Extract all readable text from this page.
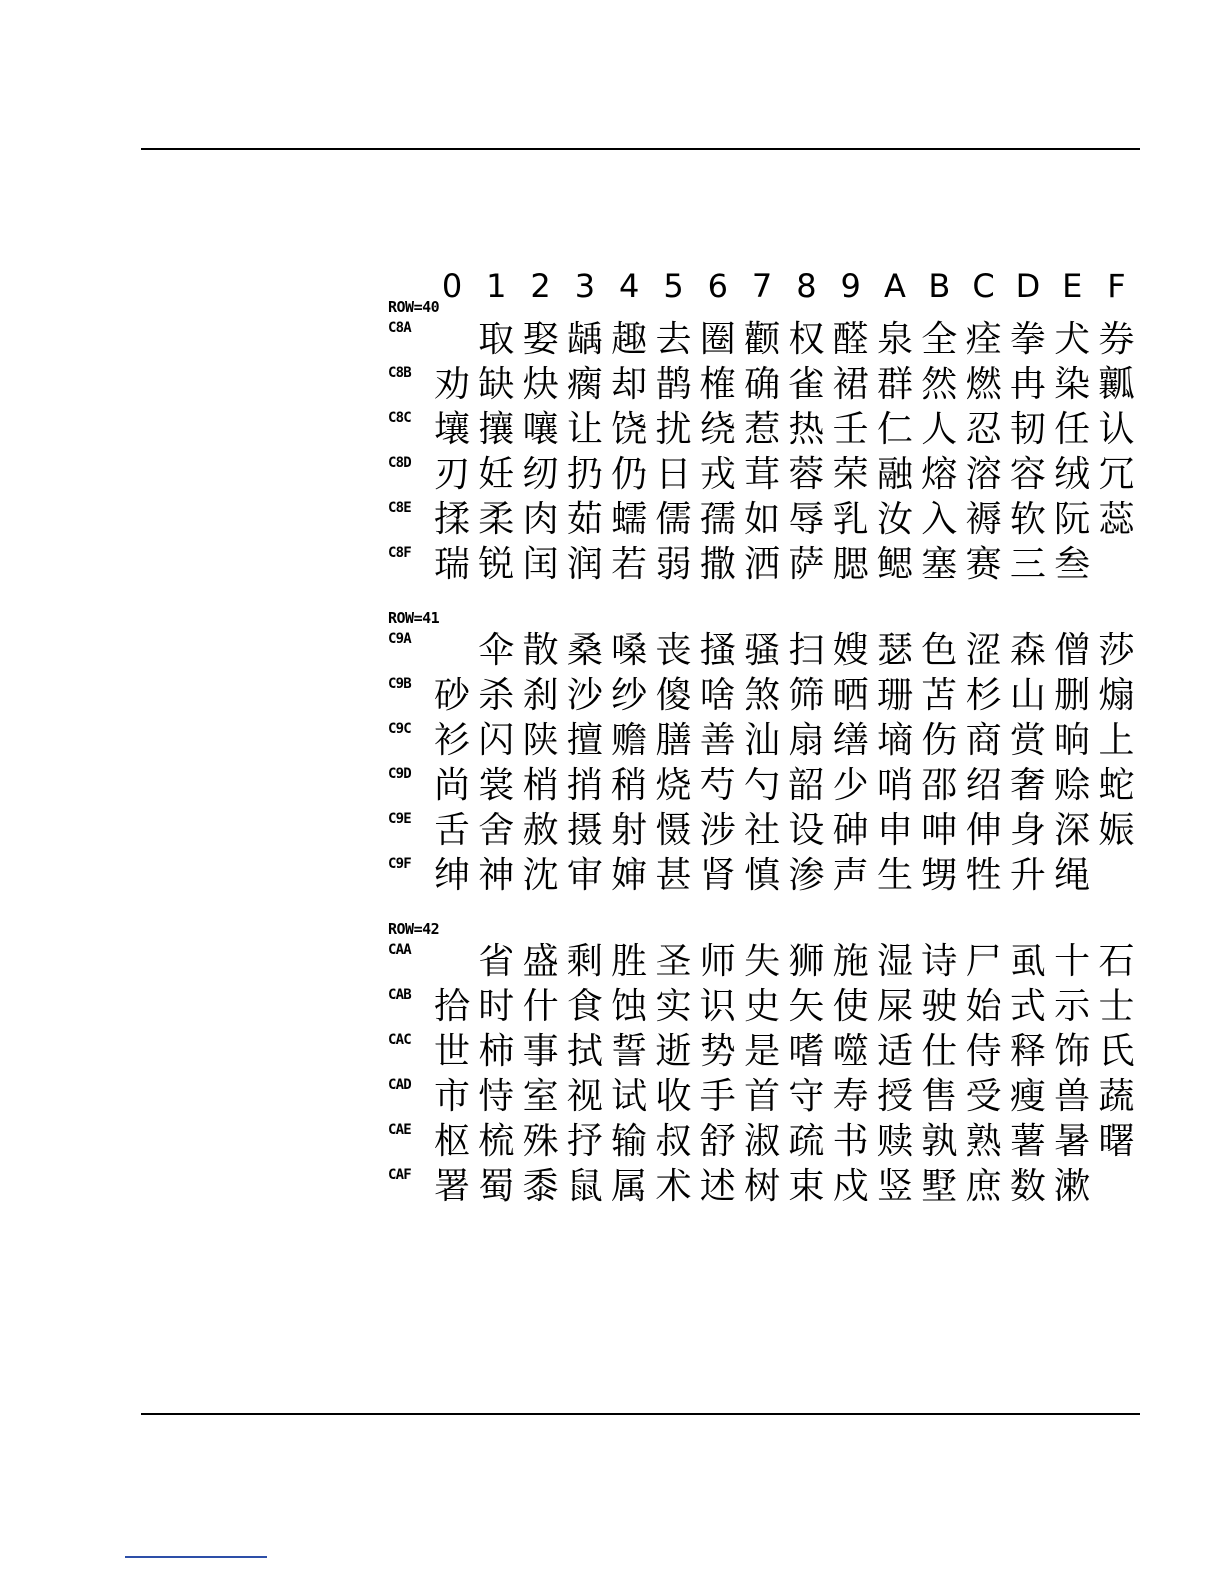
0 1 2 3 4 5 6 7 8 9 A B C D E F
ROW=40
C8A 取 娶 龋 趣 去 圈 颧 权 醛 泉 全 痊 拳 犬 券
C8B 劝 缺 炔 瘸 却 鹊 榷 确 雀 裙 群 然 燃 冉 染 瓤
C8C 壤 攘 嚷 让 饶 扰 绕 惹 热 壬 仁 人 忍 韧 任 认
C8D 刃 妊 纫 扔 仍 日 戎 茸 蓉 荣 融 熔 溶 容 绒 冗
C8E 揉 柔 肉 茹 蠕 儒 孺 如 辱 乳 汝 入 褥 软 阮 蕊
C8F 瑞 锐 闰 润 若 弱 撒 洒 萨 腮 鳃 塞 赛 三 叁
ROW=41
C9A 伞 散 桑 嗓 丧 搔 骚 扫 嫂 瑟 色 涩 森 僧 莎
C9B 砂 杀 刹 沙 纱 傻 啥 煞 筛 晒 珊 苫 杉 山 删 煽
C9C 衫 闪 陕 擅 赡 膳 善 汕 扇 缮 墒 伤 商 赏 晌 上
C9D 尚 裳 梢 捎 稍 烧 芍 勺 韶 少 哨 邵 绍 奢 赊 蛇
C9E 舌 舍 赦 摄 射 慑 涉 社 设 砷 申 呻 伸 身 深 娠
C9F 绅 神 沈 审 婶 甚 肾 慎 渗 声 生 甥 牲 升 绳
ROW=42
CAA 省 盛 剩 胜 圣 师 失 狮 施 湿 诗 尸 虱 十 石
CAB 拾 时 什 食 蚀 实 识 史 矢 使 屎 驶 始 式 示 士
CAC 世 柿 事 拭 誓 逝 势 是 嗜 噬 适 仕 侍 释 饰 氏
CAD 市 恃 室 视 试 收 手 首 守 寿 授 售 受 瘦 兽 蔬
CAE 枢 梳 殊 抒 输 叔 舒 淑 疏 书 赎 孰 熟 薯 暑 曙
CAF 署 蜀 黍 鼠 属 术 述 树 束 戍 竖 墅 庶 数 漱
